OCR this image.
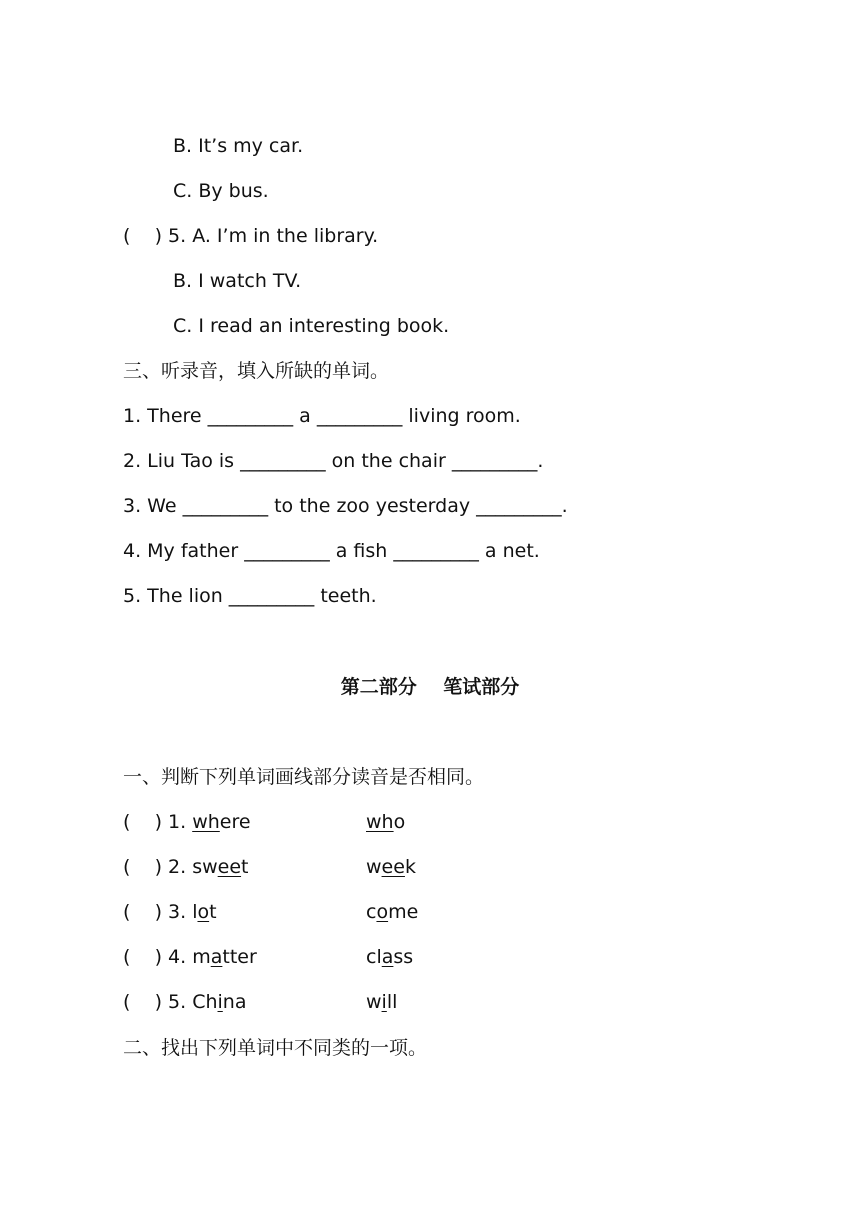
B. It’s my car.
C. By bus.
(    ) 5. A. I’m in the library.
B. I watch TV.
C. I read an interesting book.
三、听录音，填入所缺的单词。
1. There _________ a _________ living room.
2. Liu Tao is _________ on the chair _________.
3. We _________ to the zoo yesterday _________.
4. My father _________ a fish _________ a net.
5. The lion _________ teeth.
第二部分    笔试部分
一、判断下列单词画线部分读音是否相同。
(    ) 1. where	who
(    ) 2. sweet	week
(    ) 3. lot	come
(    ) 4. matter	class
(    ) 5. China	will
二、找出下列单词中不同类的一项。
